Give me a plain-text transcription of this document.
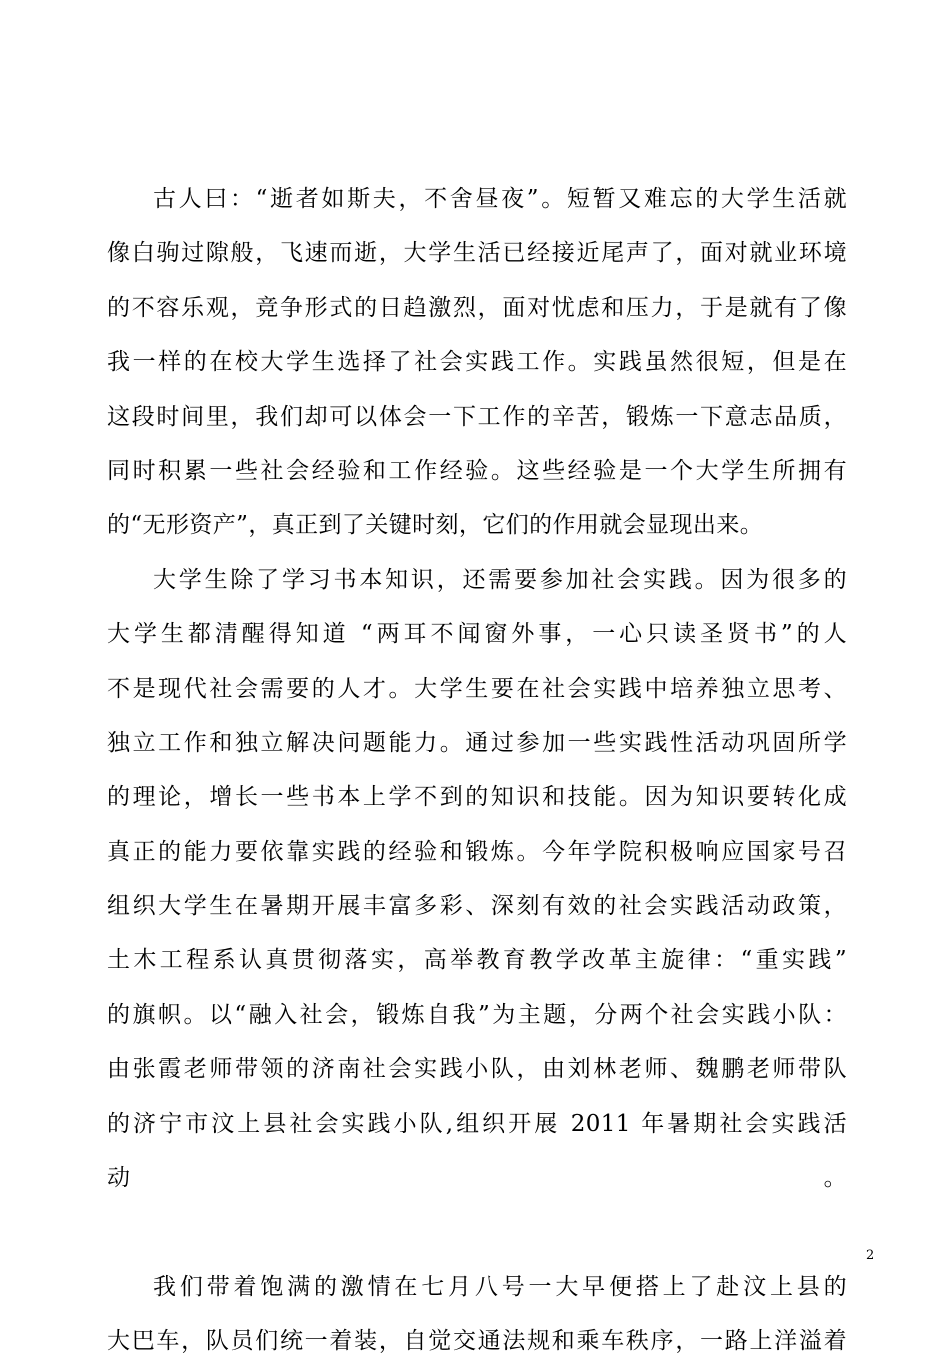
古人曰：“逝者如斯夫，不舍昼夜”。短暂又难忘的大学生活就
像白驹过隙般，飞速而逝，大学生活已经接近尾声了，面对就业环境
的不容乐观，竞争形式的日趋激烈，面对忧虑和压力，于是就有了像
我一样的在校大学生选择了社会实践工作。实践虽然很短，但是在
这段时间里，我们却可以体会一下工作的辛苦，锻炼一下意志品质，
同时积累一些社会经验和工作经验。这些经验是一个大学生所拥有
的“无形资产”，真正到了关键时刻，它们的作用就会显现出来。
大学生除了学习书本知识，还需要参加社会实践。因为很多的
大学生都清醒得知道 “两耳不闻窗外事，一心只读圣贤书”的人
不是现代社会需要的人才。大学生要在社会实践中培养独立思考、
独立工作和独立解决问题能力。通过参加一些实践性活动巩固所学
的理论，增长一些书本上学不到的知识和技能。因为知识要转化成
真正的能力要依靠实践的经验和锻炼。今年学院积极响应国家号召
组织大学生在暑期开展丰富多彩、深刻有效的社会实践活动政策，
土木工程系认真贯彻落实，高举教育教学改革主旋律：“重实践”
的旗帜。以“融入社会，锻炼自我”为主题，分两个社会实践小队：
由张霞老师带领的济南社会实践小队，由刘林老师、魏鹏老师带队
的济宁市汶上县社会实践小队,组织开展 2011 年暑期社会实践活
动。
我们带着饱满的激情在七月八号一大早便搭上了赴汶上县的
大巴车，队员们统一着装，自觉交通法规和乘车秩序，一路上洋溢着
2
